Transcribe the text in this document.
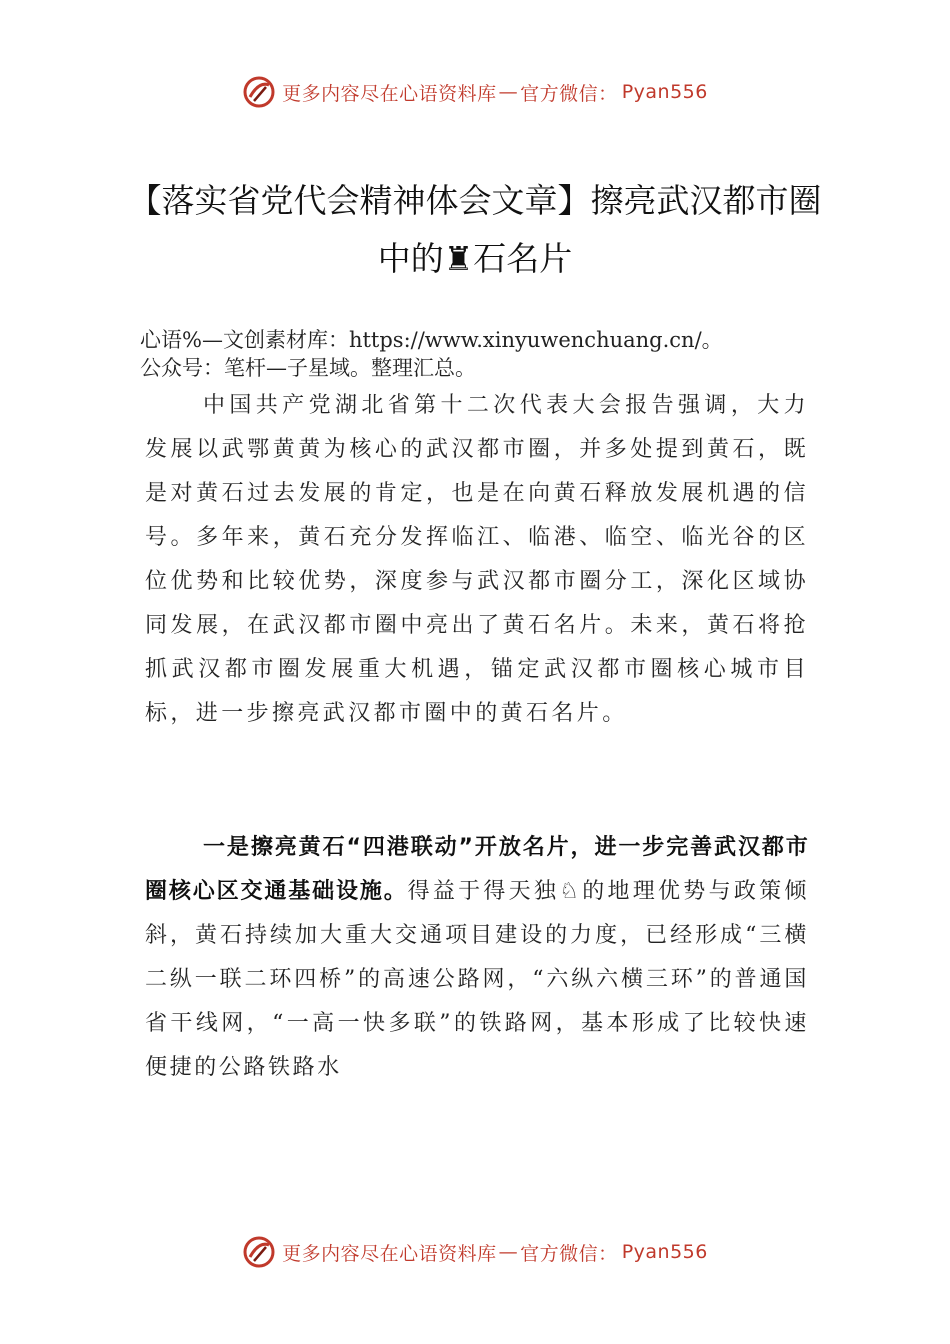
更多内容尽在心语资料库 — 官方微信： Pyan556
【落实省党代会精神体会文章】擦亮武汉都市圈中的♜石名片
心语%—文创素材库：https://www.xinyuwenchuang.cn/。
公众号：笔杆—子星域。整理汇总。

中国共产党湖北省第十二次代表大会报告强调，大力发展以武鄂黄黄为核心的武汉都市圈，并多处提到黄石，既是对黄石过去发展的肯定，也是在向黄石释放发展机遇的信号。多年来，黄石充分发挥临江、临港、临空、临光谷的区位优势和比较优势，深度参与武汉都市圈分工，深化区域协同发展，在武汉都市圈中亮出了黄石名片。未来，黄石将抢抓武汉都市圈发展重大机遇，锚定武汉都市圈核心城市目标，进一步擦亮武汉都市圈中的黄石名片。

一是擦亮黄石“四港联动”开放名片，进一步完善武汉都市圈核心区交通基础设施。得益于得天独♘的地理优势与政策倾斜，黄石持续加大重大交通项目建设的力度，已经形成“三横二纵一联二环四桥”的高速公路网，“六纵六横三环”的普通国省干线网，“一高一快多联”的铁路网，基本形成了比较快速便捷的公路铁路水

更多内容尽在心语资料库 — 官方微信： Pyan556
